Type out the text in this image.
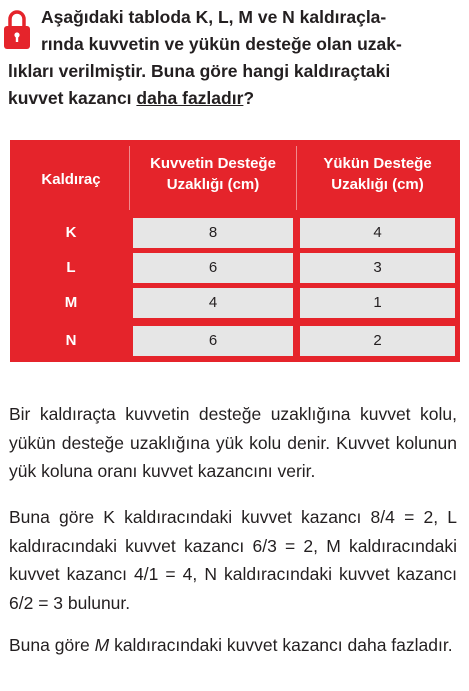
Aşağıdaki tabloda K, L, M ve N kaldıraçla-
rında kuvvetin ve yükün desteğe olan uzak-
lıkları verilmiştir. Buna göre hangi kaldıraçtaki
kuvvet kazancı daha fazladır?
Kaldıraç
Kuvvetin Desteğe Uzaklığı (cm)
Yükün Desteğe Uzaklığı (cm)
K	8	4
L	6	3
M	4	1
N	6	2
Bir kaldıraçta kuvvetin desteğe uzaklığına kuvvet kolu, yükün desteğe uzaklığına yük kolu denir. Kuvvet kolunun yük koluna oranı kuvvet kazancını verir.
Buna göre K kaldıracındaki kuvvet kazancı 8/4 = 2, L kaldıracındaki kuvvet kazancı 6/3 = 2, M kaldıracındaki kuvvet kazancı 4/1 = 4, N kaldıracındaki kuvvet kazancı 6/2 = 3 bulunur.
Buna göre M kaldıracındaki kuvvet kazancı daha fazladır.
